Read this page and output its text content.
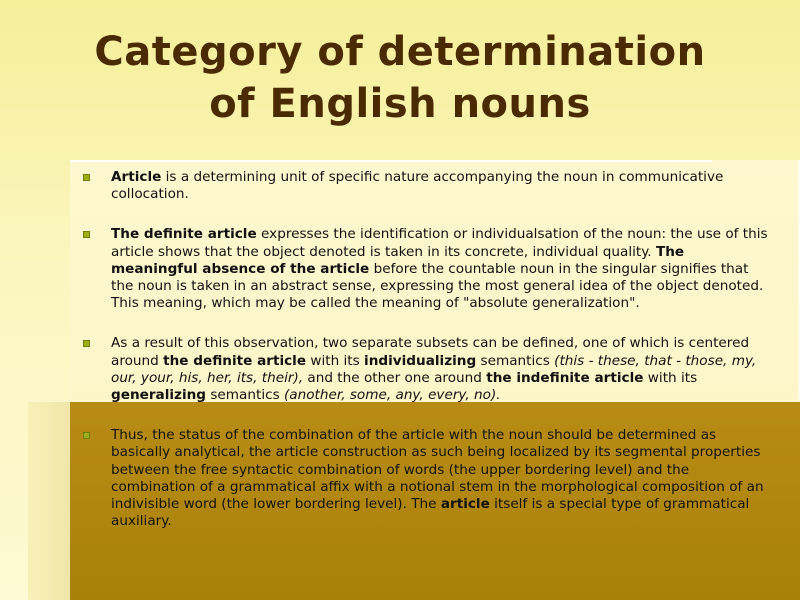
Category of determination
of English nouns
Article is a determining unit of specific nature accompanying the noun in communicative collocation.
The definite article expresses the identification or individualsation of the noun: the use of this article shows that the object denoted is taken in its concrete, individual quality. The meaningful absence of the article before the countable noun in the singular signifies that the noun is taken in an abstract sense, expressing the most general idea of the object denoted. This meaning, which may be called the meaning of "absolute generalization".
As a result of this observation, two separate subsets can be defined, one of which is centered around the definite article with its individualizing semantics (this - these, that - those, my, our, your, his, her, its, their), and the other one around the indefinite article with its generalizing semantics (another, some, any, every, no).
Thus, the status of the combination of the article with the noun should be determined as basically analytical, the article construction as such being localized by its segmental properties between the free syntactic combination of words (the upper bordering level) and the combination of a grammatical affix with a notional stem in the morphological composition of an indivisible word (the lower bordering level). The article itself is a special type of grammatical auxiliary.
